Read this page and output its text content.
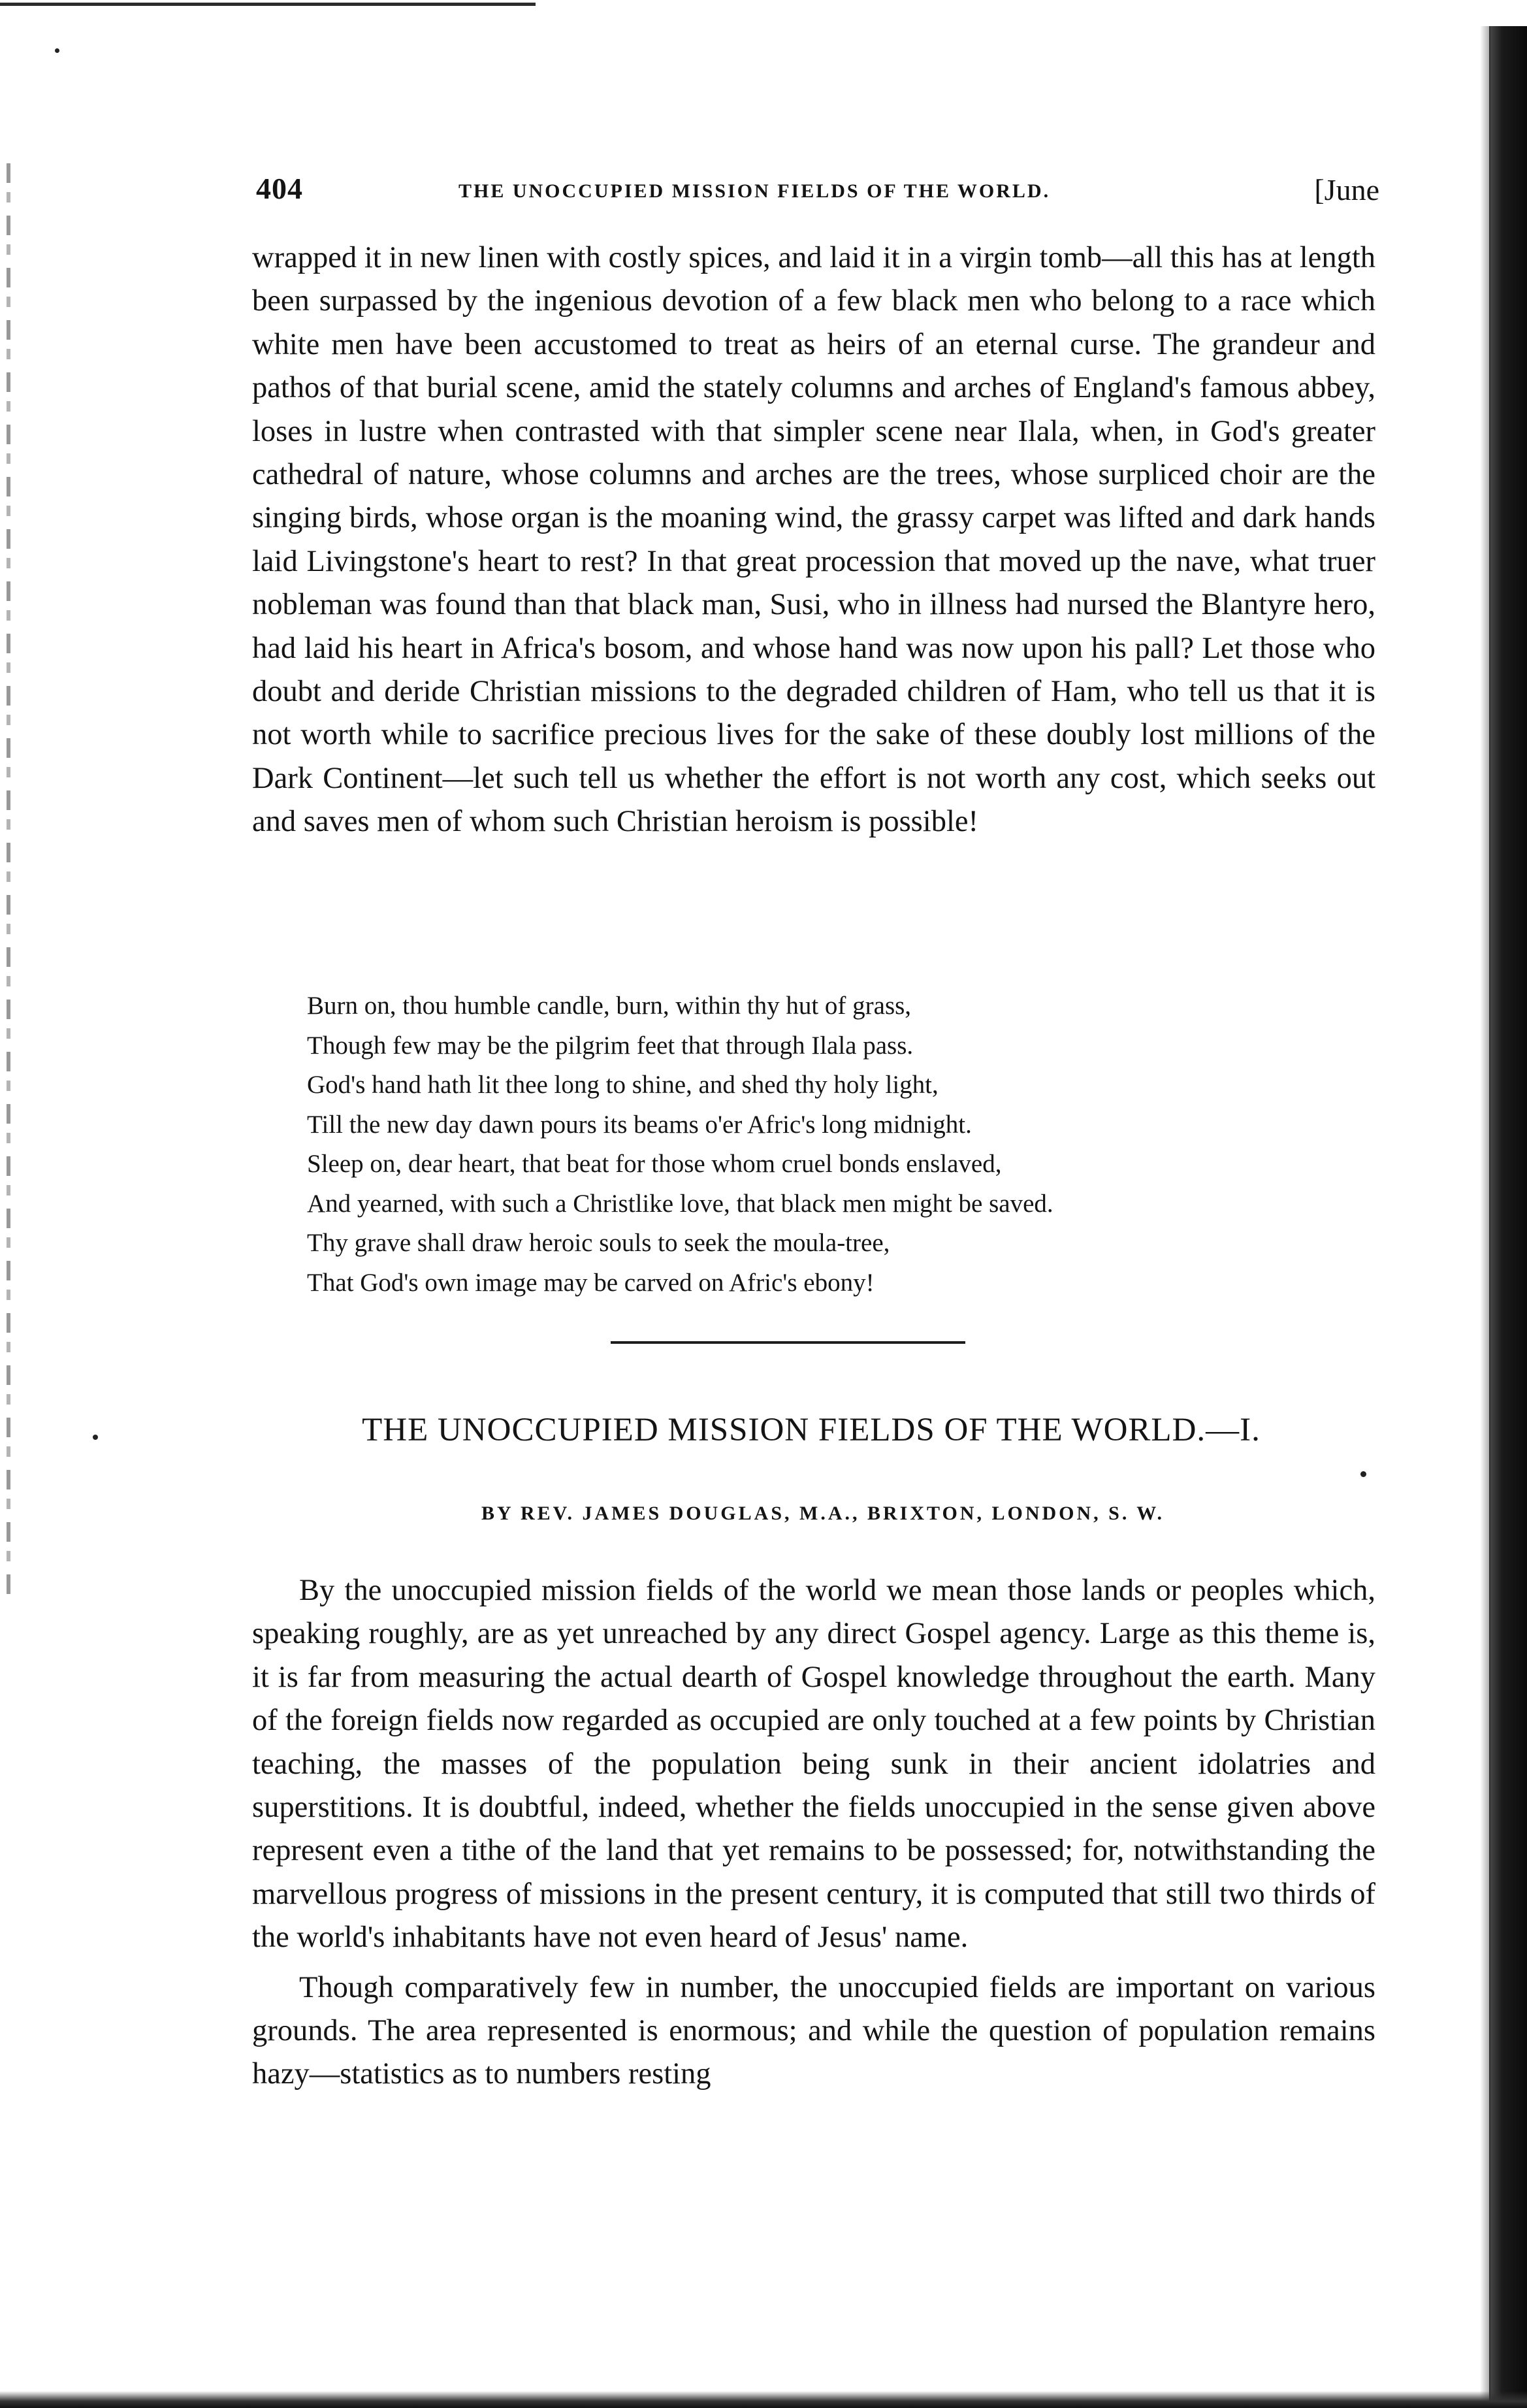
404	THE UNOCCUPIED MISSION FIELDS OF THE WORLD.	[June

wrapped it in new linen with costly spices, and laid it in a virgin tomb—all this has at length been surpassed by the ingenious devotion of a few black men who belong to a race which white men have been accustomed to treat as heirs of an eternal curse. The grandeur and pathos of that burial scene, amid the stately columns and arches of England's famous abbey, loses in lustre when contrasted with that simpler scene near Ilala, when, in God's greater cathedral of nature, whose columns and arches are the trees, whose surpliced choir are the singing birds, whose organ is the moaning wind, the grassy carpet was lifted and dark hands laid Livingstone's heart to rest? In that great procession that moved up the nave, what truer nobleman was found than that black man, Susi, who in illness had nursed the Blantyre hero, had laid his heart in Africa's bosom, and whose hand was now upon his pall? Let those who doubt and deride Christian missions to the degraded children of Ham, who tell us that it is not worth while to sacrifice precious lives for the sake of these doubly lost millions of the Dark Continent—let such tell us whether the effort is not worth any cost, which seeks out and saves men of whom such Christian heroism is possible!

Burn on, thou humble candle, burn, within thy hut of grass,
Though few may be the pilgrim feet that through Ilala pass.
God's hand hath lit thee long to shine, and shed thy holy light,
Till the new day dawn pours its beams o'er Afric's long midnight.
Sleep on, dear heart, that beat for those whom cruel bonds enslaved,
And yearned, with such a Christlike love, that black men might be saved.
Thy grave shall draw heroic souls to seek the moula-tree,
That God's own image may be carved on Afric's ebony!
THE UNOCCUPIED MISSION FIELDS OF THE WORLD.—I.
BY REV. JAMES DOUGLAS, M.A., BRIXTON, LONDON, S. W.

By the unoccupied mission fields of the world we mean those lands or peoples which, speaking roughly, are as yet unreached by any direct Gospel agency. Large as this theme is, it is far from measuring the actual dearth of Gospel knowledge throughout the earth. Many of the foreign fields now regarded as occupied are only touched at a few points by Christian teaching, the masses of the population being sunk in their ancient idolatries and superstitions. It is doubtful, indeed, whether the fields unoccupied in the sense given above represent even a tithe of the land that yet remains to be possessed; for, notwithstanding the marvellous progress of missions in the present century, it is computed that still two thirds of the world's inhabitants have not even heard of Jesus' name.

Though comparatively few in number, the unoccupied fields are important on various grounds. The area represented is enormous; and while the question of population remains hazy—statistics as to numbers resting
